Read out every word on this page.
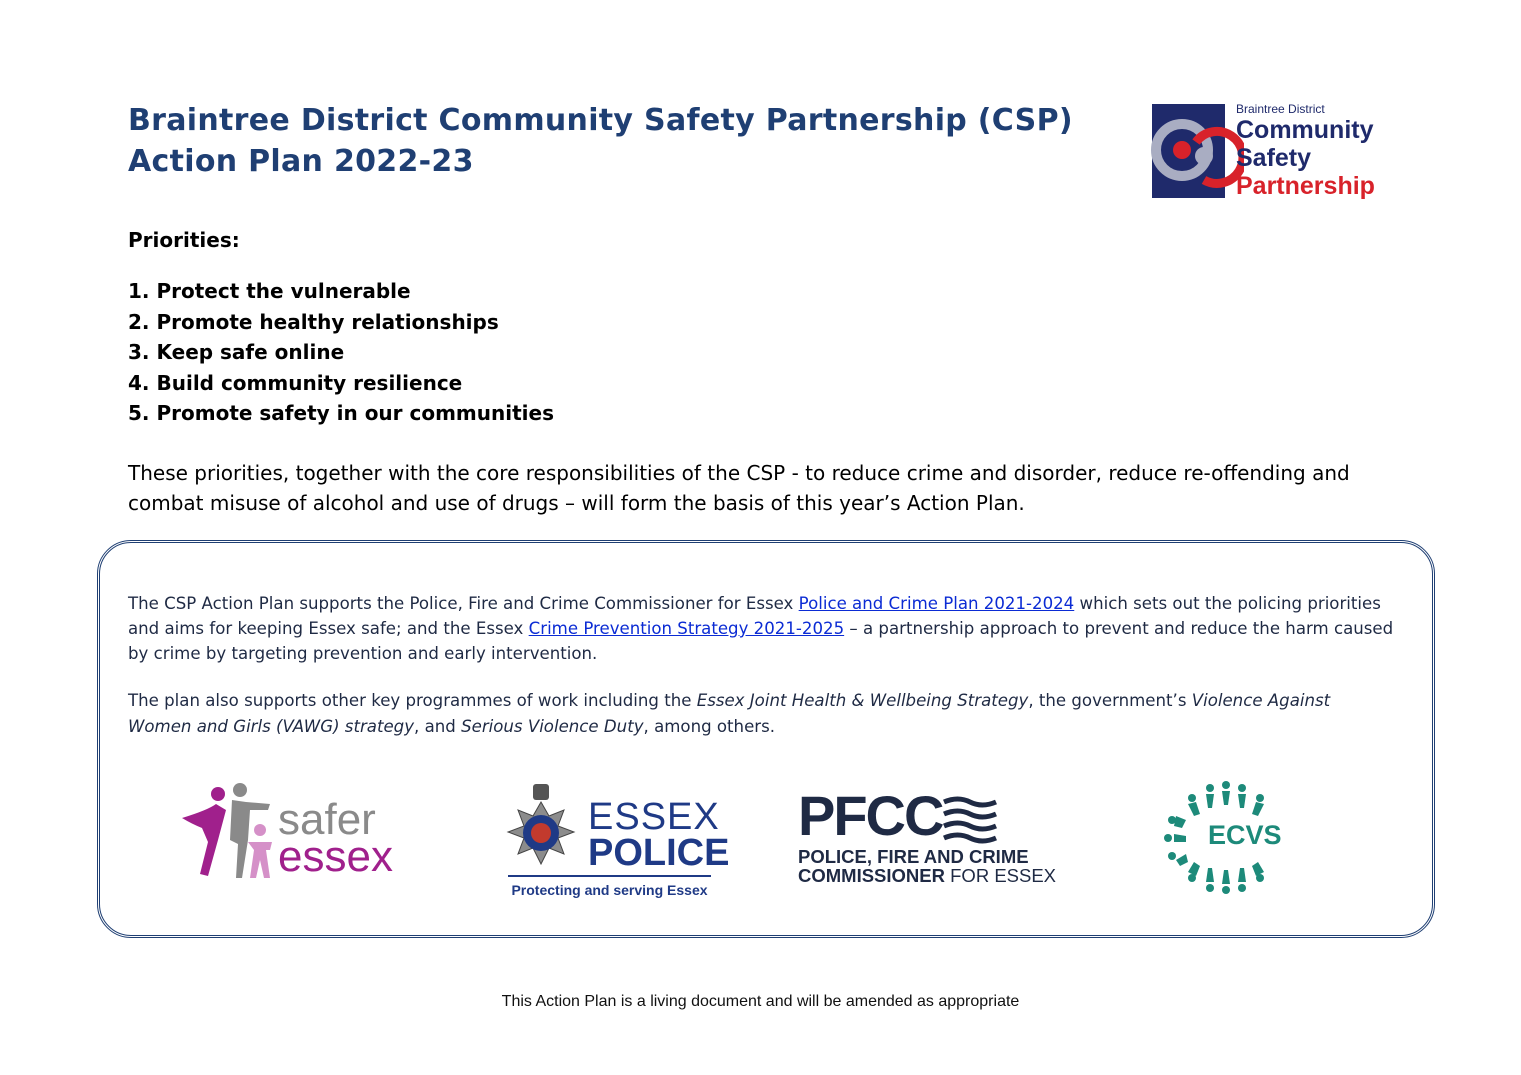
Braintree District Community Safety Partnership (CSP)
Action Plan 2022-23
Braintree District
Community
Safety
Partnership
Priorities:
1. Protect the vulnerable
2. Promote healthy relationships
3. Keep safe online
4. Build community resilience
5. Promote safety in our communities
These priorities, together with the core responsibilities of the CSP - to reduce crime and disorder, reduce re-offending and combat misuse of alcohol and use of drugs – will form the basis of this year’s Action Plan.
The CSP Action Plan supports the Police, Fire and Crime Commissioner for Essex Police and Crime Plan 2021-2024 which sets out the policing priorities and aims for keeping Essex safe; and the Essex Crime Prevention Strategy 2021-2025 – a partnership approach to prevent and reduce the harm caused by crime by targeting prevention and early intervention.
The plan also supports other key programmes of work including the Essex Joint Health & Wellbeing Strategy, the government’s Violence Against Women and Girls (VAWG) strategy, and Serious Violence Duty, among others.
safer
essex
ESSEX
POLICE
Protecting and serving Essex
PFCC
POLICE, FIRE AND CRIME
COMMISSIONER FOR ESSEX
ECVS
This Action Plan is a living document and will be amended as appropriate
